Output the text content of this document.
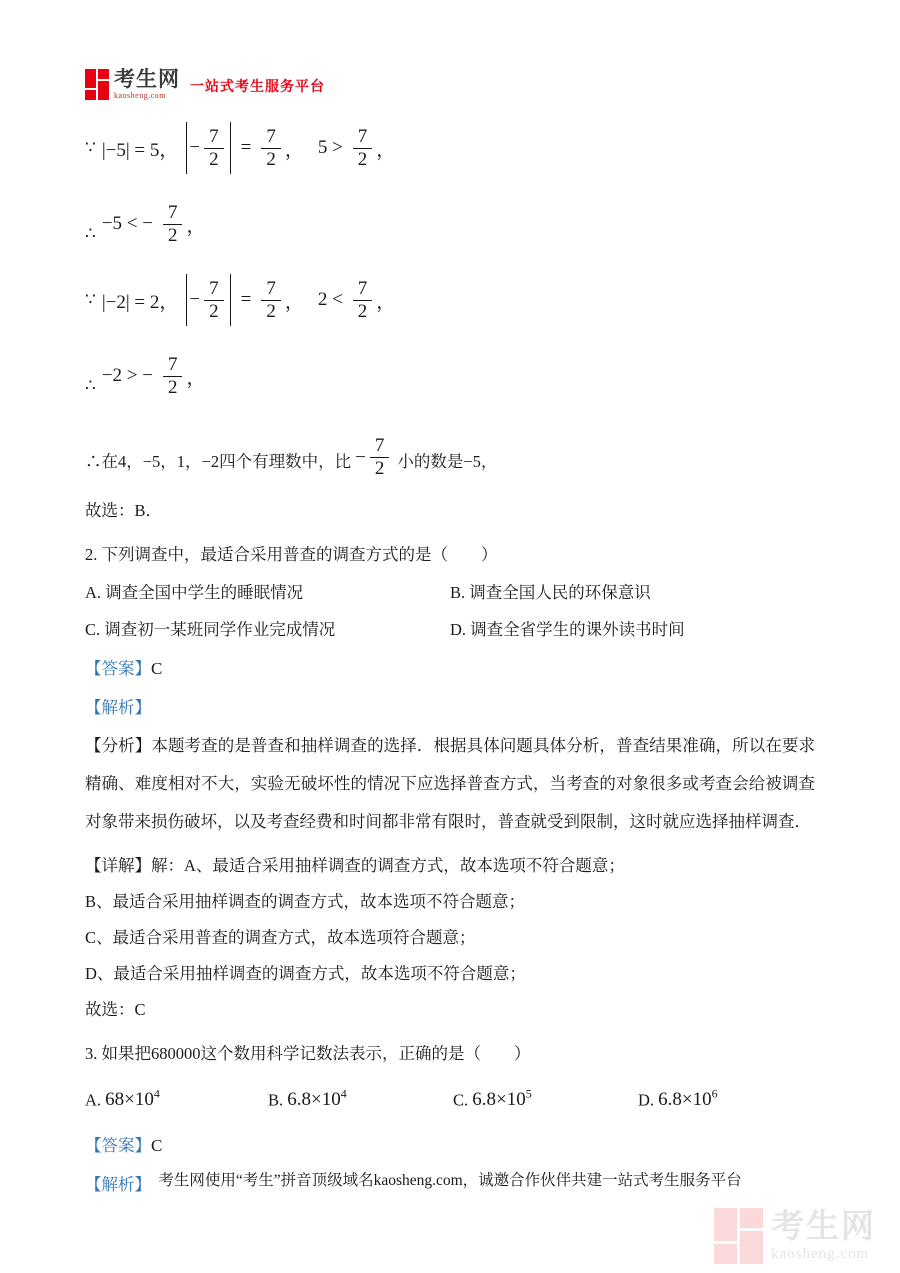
考生网
kaosheng.com
一站式考生服务平台
∵ |−5| = 5， − $\frac{7}{2} = \frac{7}{2}$ ， $5 > \frac{7}{2}$ ，
∴ −5 < − $\frac{7}{2}$ ，
∵ |−2| = 2， − $\frac{7}{2} = \frac{7}{2}$ ， $2 < \frac{7}{2}$ ，
∴ −2 > − $\frac{7}{2}$ ，
∴在4，−5，1，−2四个有理数中，比 − $\frac{7}{2}$ 小的数是−5，

故选：B．

2. 下列调查中，最适合采用普查的调查方式的是（　　）

A. 调查全国中学生的睡眠情况	B. 调查全国人民的环保意识

C. 调查初一某班同学作业完成情况	D. 调查全省学生的课外读书时间

【答案】C

【解析】

【分析】本题考查的是普查和抽样调查的选择．根据具体问题具体分析，普查结果准确，所以在要求精确、难度相对不大，实验无破坏性的情况下应选择普查方式，当考查的对象很多或考查会给被调查对象带来损伤破坏，以及考查经费和时间都非常有限时，普查就受到限制，这时就应选择抽样调查．

【详解】解：A、最适合采用抽样调查的调查方式，故本选项不符合题意；

B、最适合采用抽样调查的调查方式，故本选项不符合题意；

C、最适合采用普查的调查方式，故本选项符合题意；

D、最适合采用抽样调查的调查方式，故本选项不符合题意；

故选：C

3. 如果把680000这个数用科学记数法表示，正确的是（　　）

A. $68\times 10^4$	B. $6.8\times 10^4$	C. $6.8\times 10^5$	D. $6.8\times 10^6$

【答案】C

【解析】 考生网使用“考生”拼音顶级域名kaosheng.com，诚邀合作伙伴共建一站式考生服务平台
考生网
kaosheng.com
